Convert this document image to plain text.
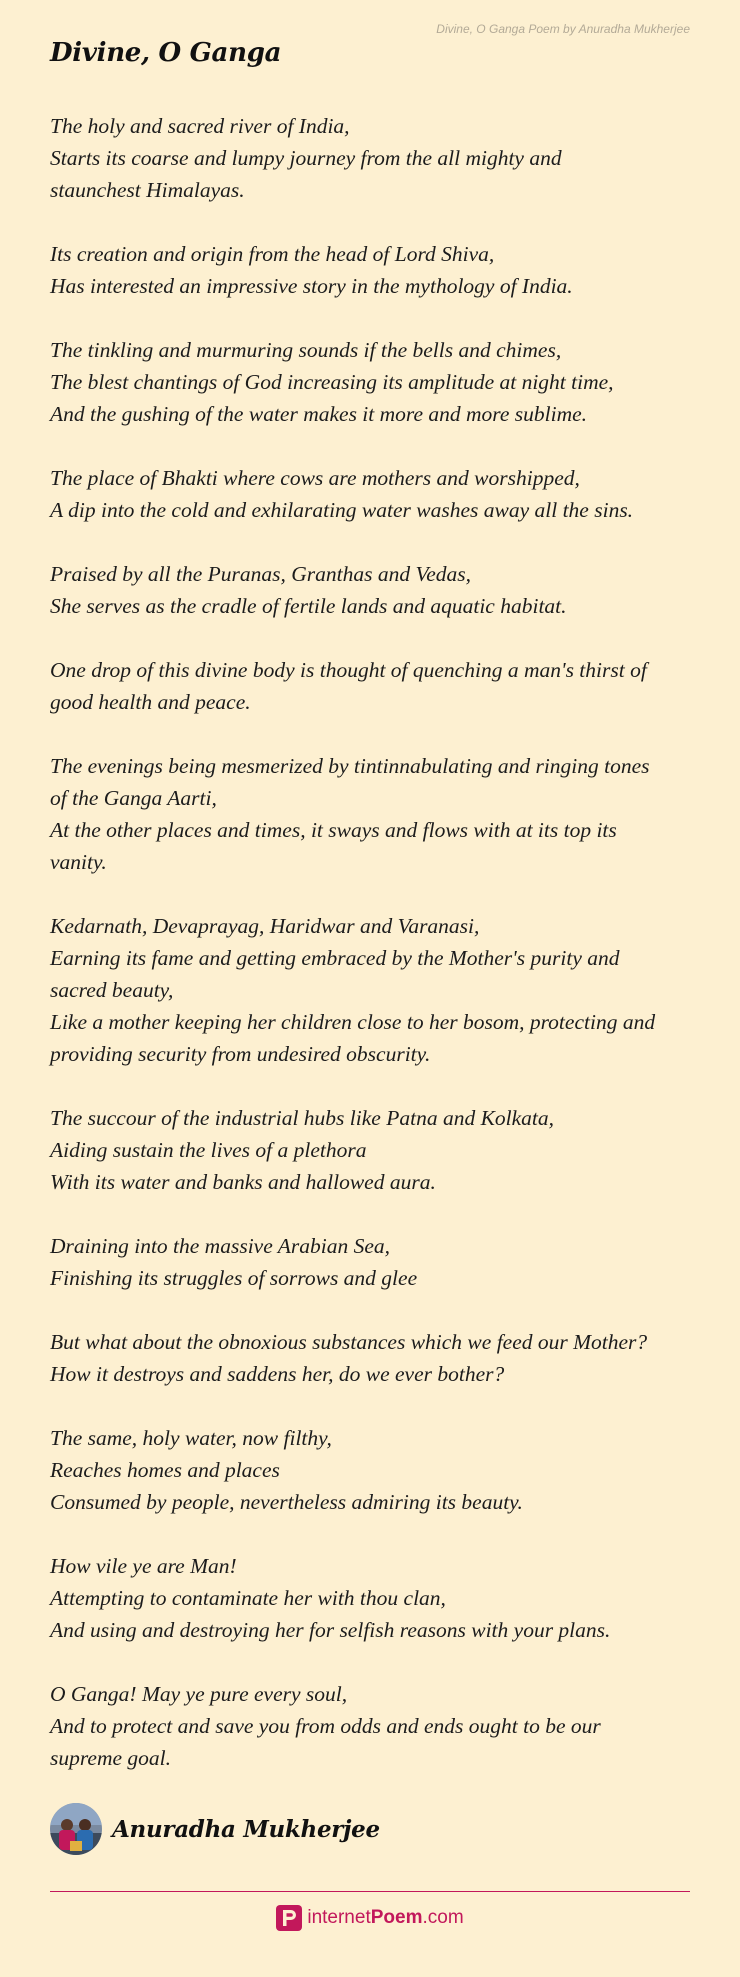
Divine, O Ganga Poem by Anuradha Mukherjee
Divine, O Ganga

The holy and sacred river of India,
Starts its coarse and lumpy journey from the all mighty and
staunchest Himalayas.

Its creation and origin from the head of Lord Shiva,
Has interested an impressive story in the mythology of India.

The tinkling and murmuring sounds if the bells and chimes,
The blest chantings of God increasing its amplitude at night time,
And the gushing of the water makes it more and more sublime.

The place of Bhakti where cows are mothers and worshipped,
A dip into the cold and exhilarating water washes away all the sins.

Praised by all the Puranas, Granthas and Vedas,
She serves as the cradle of fertile lands and aquatic habitat.

One drop of this divine body is thought of quenching a man's thirst of
good health and peace.

The evenings being mesmerized by tintinnabulating and ringing tones
of the Ganga Aarti,
At the other places and times, it sways and flows with at its top its
vanity.

Kedarnath, Devaprayag, Haridwar and Varanasi,
Earning its fame and getting embraced by the Mother's purity and
sacred beauty,
Like a mother keeping her children close to her bosom, protecting and
providing security from undesired obscurity.

The succour of the industrial hubs like Patna and Kolkata,
Aiding sustain the lives of a plethora
With its water and banks and hallowed aura.

Draining into the massive Arabian Sea,
Finishing its struggles of sorrows and glee

But what about the obnoxious substances which we feed our Mother?
How it destroys and saddens her, do we ever bother?

The same, holy water, now filthy,
Reaches homes and places
Consumed by people, nevertheless admiring its beauty.

How vile ye are Man!
Attempting to contaminate her with thou clan,
And using and destroying her for selfish reasons with your plans.

O Ganga! May ye pure every soul,
And to protect and save you from odds and ends ought to be our
supreme goal.

Anuradha Mukherjee
internetPoem.com
